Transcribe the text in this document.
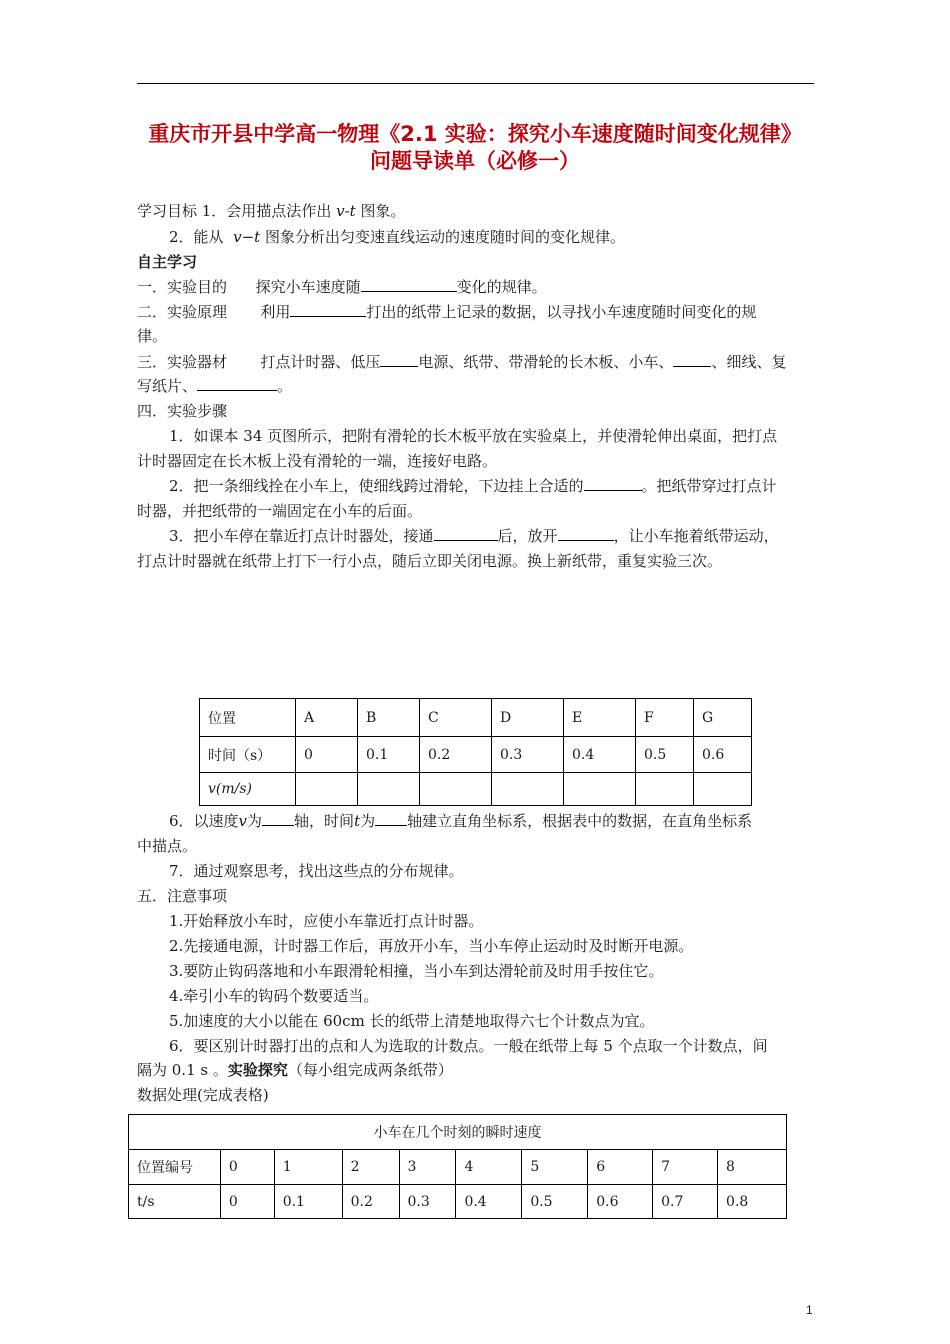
重庆市开县中学高一物理《2.1 实验：探究小车速度随时间变化规律》
问题导读单（必修一）
学习目标 1．会用描点法作出 v-t 图象。
2．能从 v−t 图象分析出匀变速直线运动的速度随时间的变化规律。
自主学习
一．实验目的 探究小车速度随	变化的规律。
二．实验原理 利用	打出的纸带上记录的数据，以寻找小车速度随时间变化的规
律。
三．实验器材 打点计时器、低压	电源、纸带、带滑轮的长木板、小车、	、细线、复
写纸片、	。
四．实验步骤
1．如课本 34 页图所示，把附有滑轮的长木板平放在实验桌上，并使滑轮伸出桌面，把打点
计时器固定在长木板上没有滑轮的一端，连接好电路。
2．把一条细线拴在小车上，使细线跨过滑轮，下边挂上合适的	。把纸带穿过打点计
时器，并把纸带的一端固定在小车的后面。
3．把小车停在靠近打点计时器处，接通	后，放开	，让小车拖着纸带运动，
打点计时器就在纸带上打下一行小点，随后立即关闭电源。换上新纸带，重复实验三次。
位置	A	B	C	D	E	F	G
时间（s）	0	0.1	0.2	0.3	0.4	0.5	0.6
v(m/s)							
6．以速度v为 轴，时间t为 轴建立直角坐标系，根据表中的数据，在直角坐标系
中描点。
7．通过观察思考，找出这些点的分布规律。
五．注意事项
1.开始释放小车时，应使小车靠近打点计时器。
2.先接通电源，计时器工作后，再放开小车，当小车停止运动时及时断开电源。
3.要防止钩码落地和小车跟滑轮相撞，当小车到达滑轮前及时用手按住它。
4.牵引小车的钩码个数要适当。
5.加速度的大小以能在 60cm 长的纸带上清楚地取得六七个计数点为宜。
6．要区别计时器打出的点和人为选取的计数点。一般在纸带上每 5 个点取一个计数点，间
隔为 0.1 s 。实验探究（每小组完成两条纸带）
数据处理(完成表格)
小车在几个时刻的瞬时速度									
位置编号	0	1	2	3	4	5	6	7	8
t/s	0	0.1	0.2	0.3	0.4	0.5	0.6	0.7	0.8
1
